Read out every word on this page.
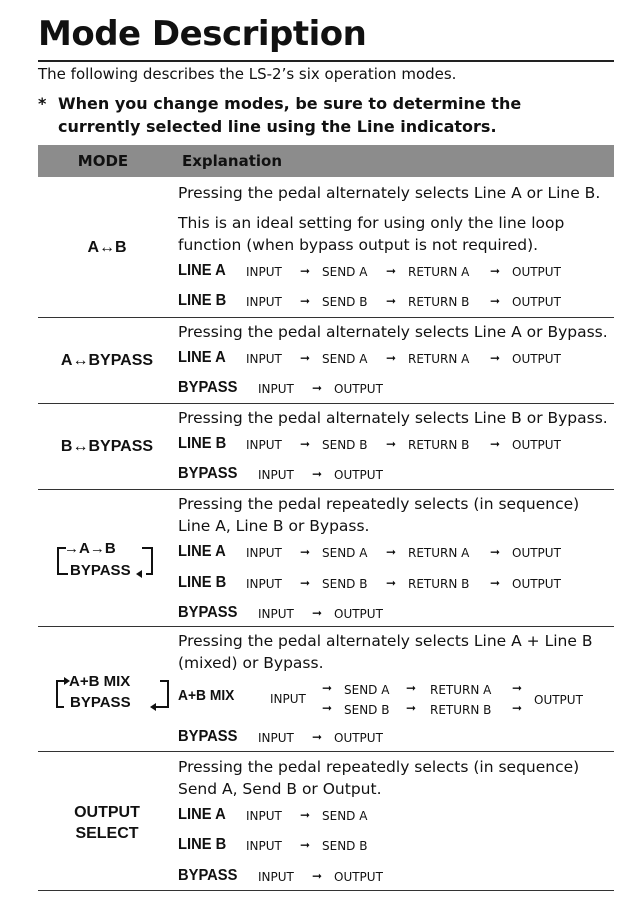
Mode Description
The following describes the LS-2’s six operation modes.
* When you change modes, be sure to determine the currently selected line using the Line indicators.
MODE	Explanation
A↔B
Pressing the pedal alternately selects Line A or Line B.
This is an ideal setting for using only the line loop function (when bypass output is not required).
LINE A INPUT ➞ SEND A ➞ RETURN A ➞ OUTPUT
LINE B INPUT ➞ SEND B ➞ RETURN B ➞ OUTPUT
A↔BYPASS
Pressing the pedal alternately selects Line A or Bypass.
LINE A INPUT ➞ SEND A ➞ RETURN A ➞ OUTPUT
BYPASS INPUT ➞ OUTPUT
B↔BYPASS
Pressing the pedal alternately selects Line B or Bypass.
LINE B INPUT ➞ SEND B ➞ RETURN B ➞ OUTPUT
BYPASS INPUT ➞ OUTPUT
→A→B
BYPASS
Pressing the pedal repeatedly selects (in sequence) Line A, Line B or Bypass.
LINE A INPUT ➞ SEND A ➞ RETURN A ➞ OUTPUT
LINE B INPUT ➞ SEND B ➞ RETURN B ➞ OUTPUT
BYPASS INPUT ➞ OUTPUT
A+B MIX
BYPASS
Pressing the pedal alternately selects Line A + Line B (mixed) or Bypass.
A+B MIX	INPUT
➞ SEND A ➞ RETURN A ➞
➞ SEND B ➞ RETURN B ➞
OUTPUT
BYPASS INPUT ➞ OUTPUT
OUTPUT
SELECT
Pressing the pedal repeatedly selects (in sequence) Send A, Send B or Output.
LINE A INPUT ➞ SEND A
LINE B INPUT ➞ SEND B
BYPASS INPUT ➞ OUTPUT
